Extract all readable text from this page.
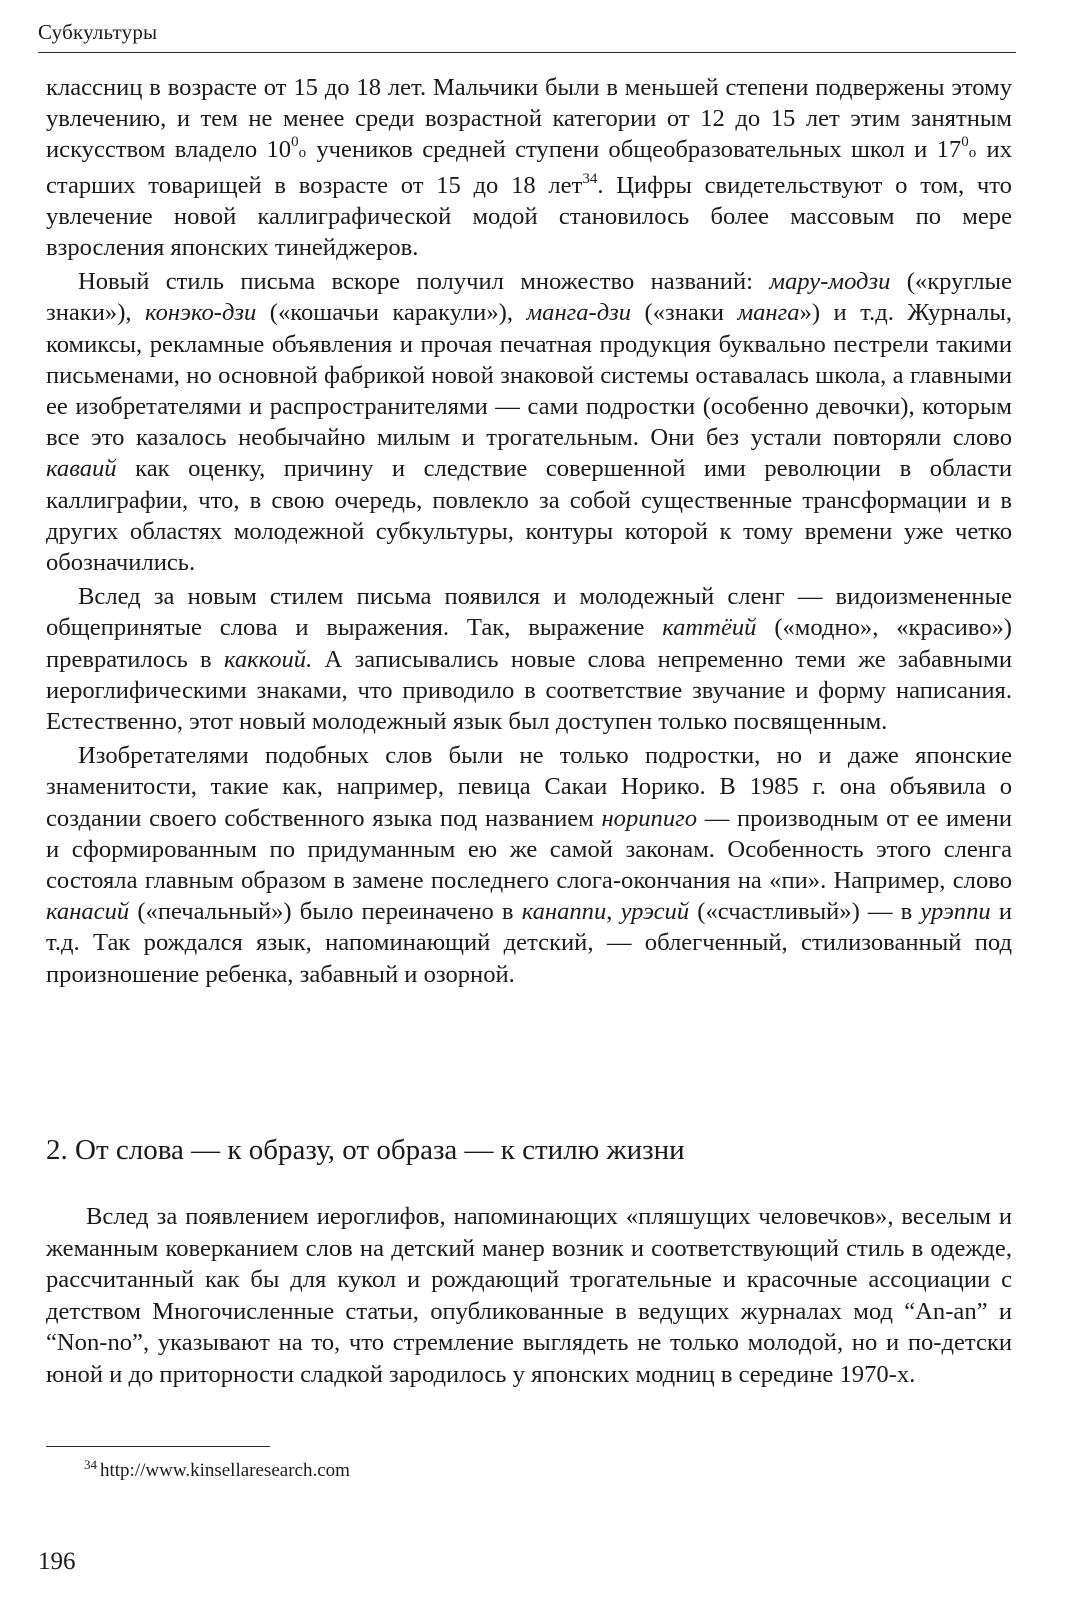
Субкультуры

классниц в возрасте от 15 до 18 лет. Мальчики были в меньшей степени подвержены этому увлечению, и тем не менее среди возрастной категории от 12 до 15 лет этим занятным искусством владело $10^0о$ учеников средней ступени общеобразовательных школ и $17^0о$ их старших товарищей в возрасте от 15 до 18 лет$^{34}$. Цифры свидетельствуют о том, что увлечение новой каллиграфической модой становилось более массовым по мере взросления японских тинейджеров.

Новый стиль письма вскоре получил множество названий: мару-модзи («круглые знаки»), конэко-дзи («кошачьи каракули»), манга-дзи («знаки манга») и т.д. Журналы, комиксы, рекламные объявления и прочая печатная продукция буквально пестрели такими письменами, но основной фабрикой новой знаковой системы оставалась школа, а главными ее изобретателями и распространителями — сами подростки (особенно девочки), которым все это казалось необычайно милым и трогательным. Они без устали повторяли слово каваий как оценку, причину и следствие совершенной ими революции в области каллиграфии, что, в свою очередь, повлекло за собой существенные трансформации и в других областях молодежной субкультуры, контуры которой к тому времени уже четко обозначились.

Вслед за новым стилем письма появился и молодежный сленг — видоизмененные общепринятые слова и выражения. Так, выражение каттёий («модно», «красиво») превратилось в каккоий. А записывались новые слова непременно теми же забавными иероглифическими знаками, что приводило в соответствие звучание и форму написания. Естественно, этот новый молодежный язык был доступен только посвященным.

Изобретателями подобных слов были не только подростки, но и даже японские знаменитости, такие как, например, певица Сакаи Норико. В 1985 г. она объявила о создании своего собственного языка под названием норипиго — производным от ее имени и сформированным по придуманным ею же самой законам. Особенность этого сленга состояла главным образом в замене последнего слога-окончания на «пи». Например, слово канасий («печальный») было переиначено в канаппи, урэсий («счастливый») — в урэппи и т.д. Так рождался язык, напоминающий детский, — облегченный, стилизованный под произношение ребенка, забавный и озорной.

2. От слова — к образу, от образа — к стилю жизни

Вслед за появлением иероглифов, напоминающих «пляшущих человечков», веселым и жеманным коверканием слов на детский манер возник и соответствующий стиль в одежде, рассчитанный как бы для кукол и рождающий трогательные и красочные ассоциации с детством Многочисленные статьи, опубликованные в ведущих журналах мод “An-an” и “Non-no”, указывают на то, что стремление выглядеть не только молодой, но и по-детски юной и до приторности сладкой зародилось у японских модниц в середине 1970-х.

$^{34}$ http://www.kinsellaresearch.com
196
